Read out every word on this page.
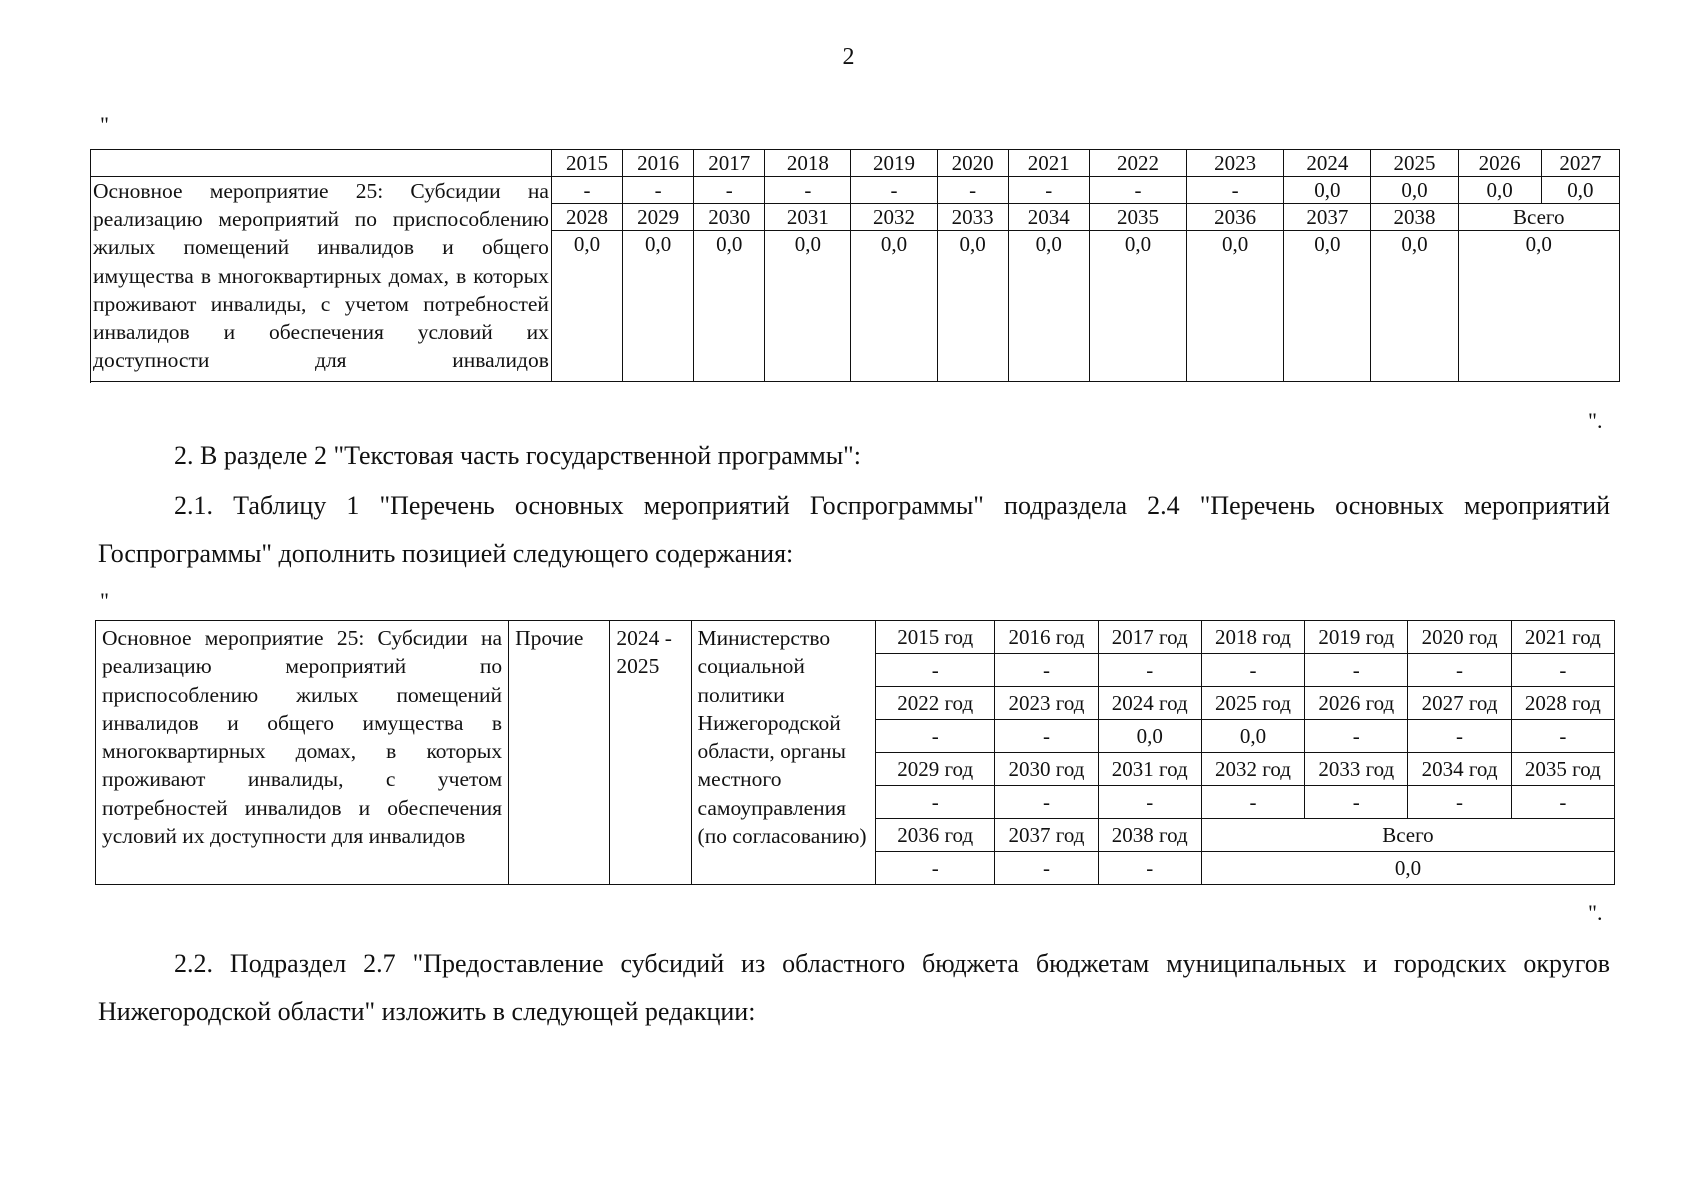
2
"
	2015	2016	2017	2018	2019	2020	2021	2022	2023	2024	2025	2026	2027
Основное мероприятие 25: Субсидии на реализацию мероприятий по приспособлению жилых помещений инвалидов и общего имущества в многоквартирных домах, в которых проживают инвалиды, с учетом потребностей инвалидов и обеспечения условий их доступности для инвалидов	-	-	-	-	-	-	-	-	-	0,0	0,0	0,0	0,0
	2028	2029	2030	2031	2032	2033	2034	2035	2036	2037	2038	Всего	
	0,0	0,0	0,0	0,0	0,0	0,0	0,0	0,0	0,0	0,0	0,0	0,0	

".
2. В разделе 2 "Текстовая часть государственной программы":
2.1. Таблицу 1 "Перечень основных мероприятий Госпрограммы" подраздела 2.4 "Перечень основных мероприятий Госпрограммы" дополнить позицией следующего содержания:
"
Основное мероприятие 25: Субсидии на реализацию мероприятий по приспособлению жилых помещений инвалидов и общего имущества в многоквартирных домах, в которых проживают инвалиды, с учетом потребностей инвалидов и обеспечения условий их доступности для инвалидов	Прочие	2024 - 2025	Министерство социальной политики Нижегородской области, органы местного самоуправления (по согласованию)	2015 год	2016 год	2017 год	2018 год	2019 год	2020 год	2021 год
				-	-	-	-	-	-	-
				2022 год	2023 год	2024 год	2025 год	2026 год	2027 год	2028 год
				-	-	0,0	0,0	-	-	-
				2029 год	2030 год	2031 год	2032 год	2033 год	2034 год	2035 год
				-	-	-	-	-	-	-
				2036 год	2037 год	2038 год	Всего			
				-	-	-	0,0			
".
2.2. Подраздел 2.7 "Предоставление субсидий из областного бюджета бюджетам муниципальных и городских округов Нижегородской области" изложить в следующей редакции:
